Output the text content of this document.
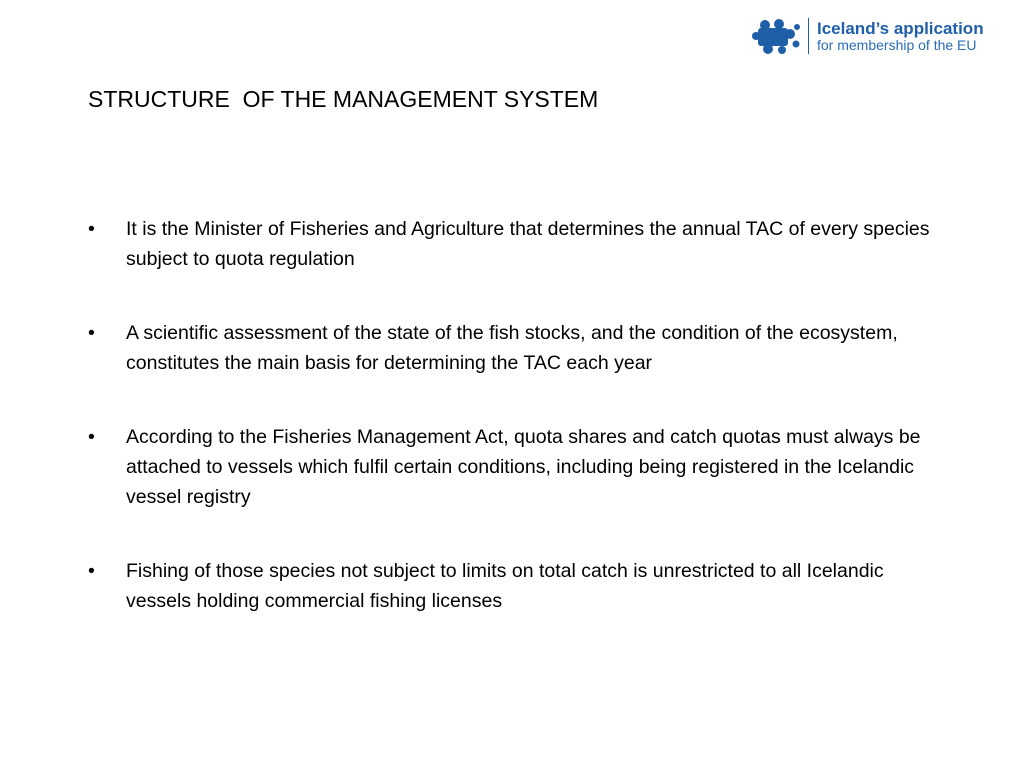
Iceland’s application
for membership of the EU
STRUCTURE  OF THE MANAGEMENT SYSTEM
•	It is the Minister of Fisheries and Agriculture that determines the annual TAC of every species subject to quota regulation
•	A scientific assessment of the state of the fish stocks, and the condition of the ecosystem, constitutes the main basis for determining the TAC each year
•	According to the Fisheries Management Act, quota shares and catch quotas must always be attached to vessels which fulfil certain conditions, including being registered in the Icelandic vessel registry
•	Fishing of those species not subject to limits on total catch is unrestricted to all Icelandic vessels holding commercial fishing licenses
